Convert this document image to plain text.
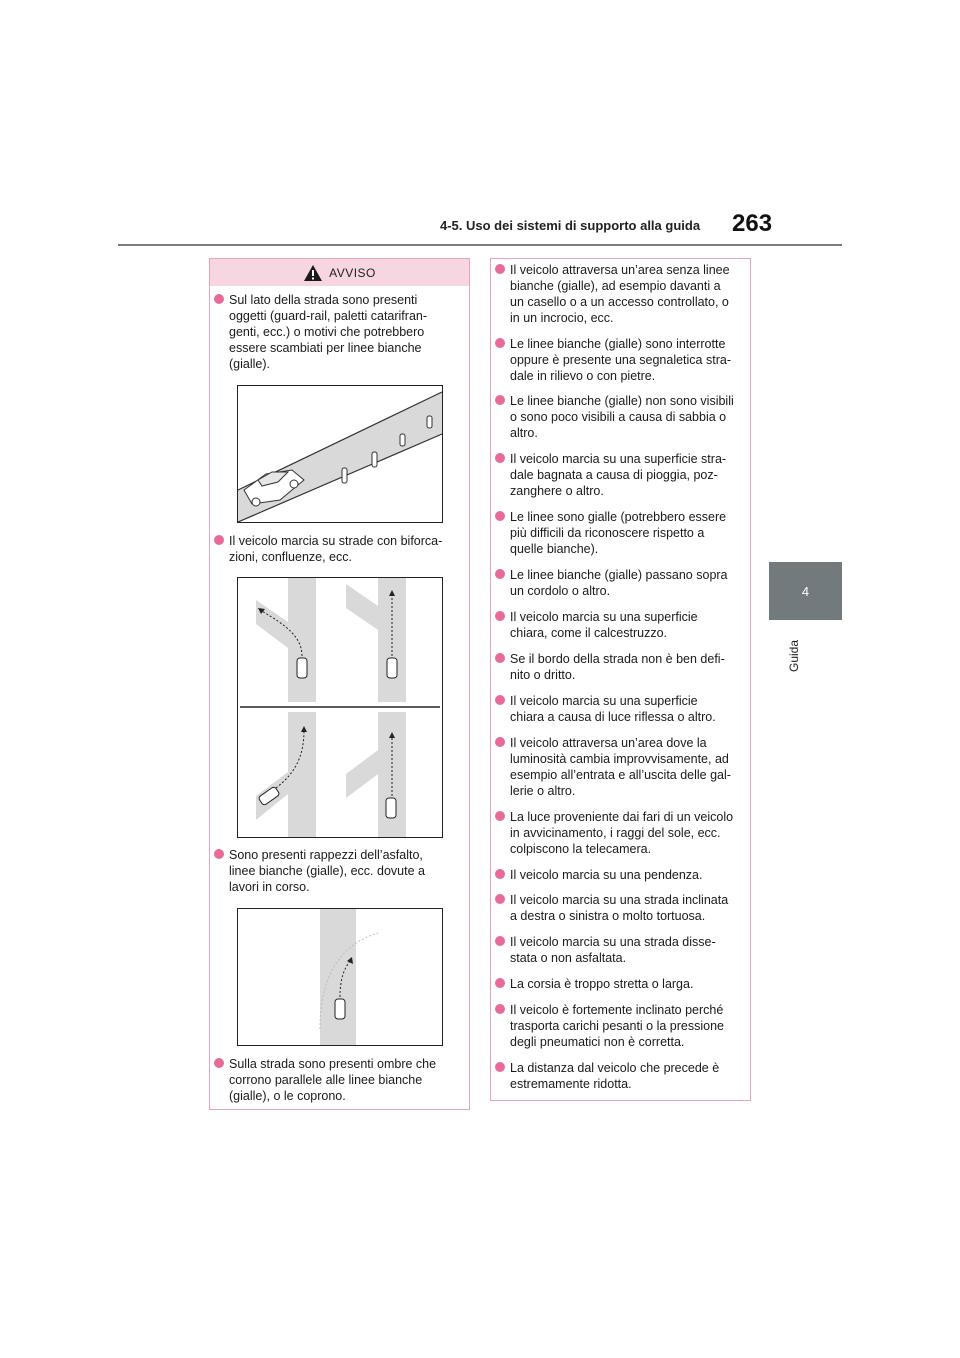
4-5. Uso dei sistemi di supporto alla guida 263
4
Guida
AVVISO
Sul lato della strada sono presenti
oggetti (guard-rail, paletti catarifran-
genti, ecc.) o motivi che potrebbero
essere scambiati per linee bianche
(gialle).
Il veicolo marcia su strade con biforca-
zioni, confluenze, ecc.
Sono presenti rappezzi dell’asfalto,
linee bianche (gialle), ecc. dovute a
lavori in corso.
Sulla strada sono presenti ombre che
corrono parallele alle linee bianche
(gialle), o le coprono.
Il veicolo attraversa un’area senza linee
bianche (gialle), ad esempio davanti a
un casello o a un accesso controllato, o
in un incrocio, ecc.
Le linee bianche (gialle) sono interrotte
oppure è presente una segnaletica stra-
dale in rilievo o con pietre.
Le linee bianche (gialle) non sono visibili
o sono poco visibili a causa di sabbia o
altro.
Il veicolo marcia su una superficie stra-
dale bagnata a causa di pioggia, poz-
zanghere o altro.
Le linee sono gialle (potrebbero essere
più difficili da riconoscere rispetto a
quelle bianche).
Le linee bianche (gialle) passano sopra
un cordolo o altro.
Il veicolo marcia su una superficie
chiara, come il calcestruzzo.
Se il bordo della strada non è ben defi-
nito o dritto.
Il veicolo marcia su una superficie
chiara a causa di luce riflessa o altro.
Il veicolo attraversa un’area dove la
luminosità cambia improvvisamente, ad
esempio all’entrata e all’uscita delle gal-
lerie o altro.
La luce proveniente dai fari di un veicolo
in avvicinamento, i raggi del sole, ecc.
colpiscono la telecamera.
Il veicolo marcia su una pendenza.
Il veicolo marcia su una strada inclinata
a destra o sinistra o molto tortuosa.
Il veicolo marcia su una strada disse-
stata o non asfaltata.
La corsia è troppo stretta o larga.
Il veicolo è fortemente inclinato perché
trasporta carichi pesanti o la pressione
degli pneumatici non è corretta.
La distanza dal veicolo che precede è
estremamente ridotta.
